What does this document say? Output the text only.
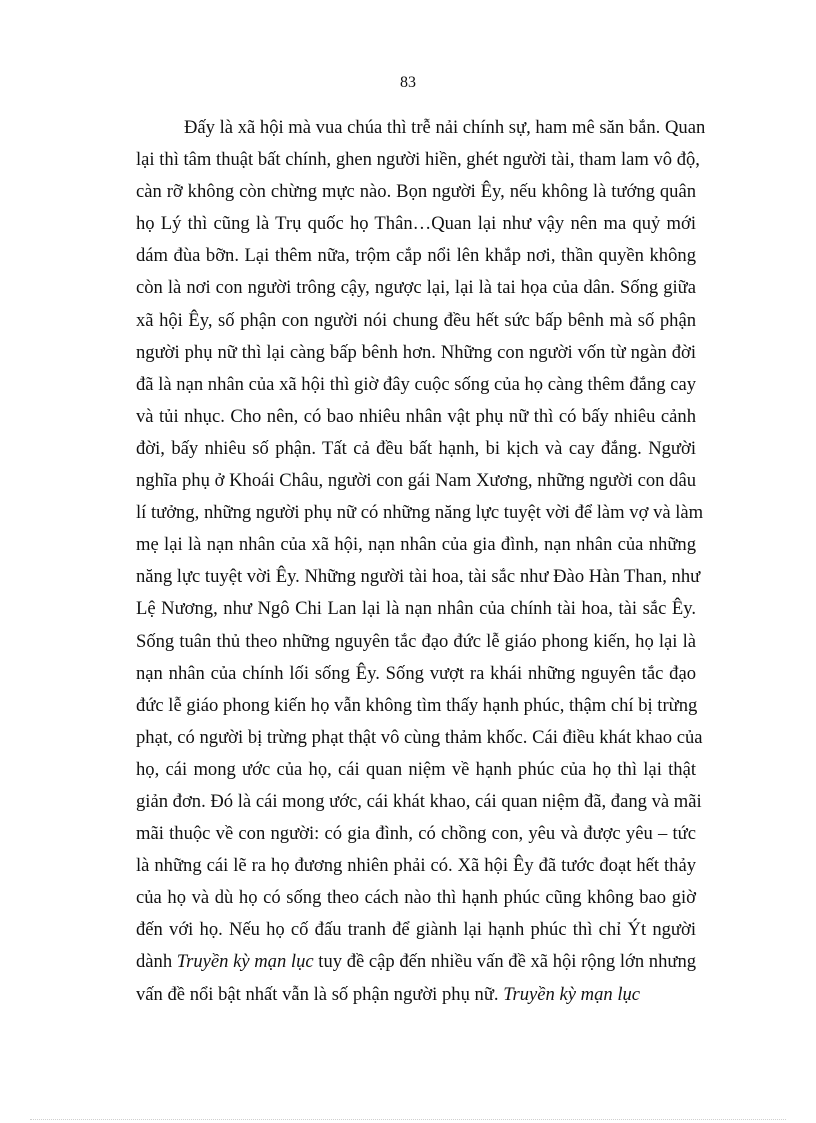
83
Đấy là xã hội mà vua chúa thì trễ nải chính sự, ham mê săn bắn. Quan
lại thì tâm thuật bất chính, ghen người hiền, ghét người tài, tham lam vô độ,
càn rỡ không còn chừng mực nào. Bọn người Êy, nếu không là tướng quân
họ Lý thì cũng là Trụ quốc họ Thân…Quan lại như vậy nên ma quỷ mới
dám đùa bỡn. Lại thêm nữa, trộm cắp nổi lên khắp nơi, thần quyền không
còn là nơi con người trông cậy, ngược lại, lại là tai họa của dân. Sống giữa
xã hội Êy, số phận con người nói chung đều hết sức bấp bênh mà số phận
người phụ nữ thì lại càng bấp bênh hơn. Những con người vốn từ ngàn đời
đã là nạn nhân của xã hội thì giờ đây cuộc sống của họ càng thêm đắng cay
và tủi nhục. Cho nên, có bao nhiêu nhân vật phụ nữ thì có bấy nhiêu cảnh
đời, bấy nhiêu số phận. Tất cả đều bất hạnh, bi kịch và cay đắng. Người
nghĩa phụ ở Khoái Châu, người con gái Nam Xương, những người con dâu
lí tưởng, những người phụ nữ có những năng lực tuyệt vời để làm vợ và làm
mẹ lại là nạn nhân của xã hội, nạn nhân của gia đình, nạn nhân của những
năng lực tuyệt vời Êy. Những người tài hoa, tài sắc như Đào Hàn Than, như
Lệ Nương, như Ngô Chi Lan lại là nạn nhân của chính tài hoa, tài sắc Êy.
Sống tuân thủ theo những nguyên tắc đạo đức lễ giáo phong kiến, họ lại là
nạn nhân của chính lối sống Êy. Sống vượt ra khái những nguyên tắc đạo
đức lễ giáo phong kiến họ vẫn không tìm thấy hạnh phúc, thậm chí bị trừng
phạt, có người bị trừng phạt thật vô cùng thảm khốc. Cái điều khát khao của
họ, cái mong ước của họ, cái quan niệm về hạnh phúc của họ thì lại thật
giản đơn. Đó là cái mong ước, cái khát khao, cái quan niệm đã, đang và mãi
mãi thuộc về con người: có gia đình, có chồng con, yêu và được yêu – tức
là những cái lẽ ra họ đương nhiên phải có. Xã hội Êy đã tước đoạt hết thảy
của họ và dù họ có sống theo cách nào thì hạnh phúc cũng không bao giờ
đến với họ. Nếu họ cố đấu tranh để giành lại hạnh phúc thì chỉ Ýt người
dành Truyền kỳ mạn lục tuy đề cập đến nhiều vấn đề xã hội rộng lớn nhưng
vấn đề nổi bật nhất vẫn là số phận người phụ nữ. Truyền kỳ mạn lục
